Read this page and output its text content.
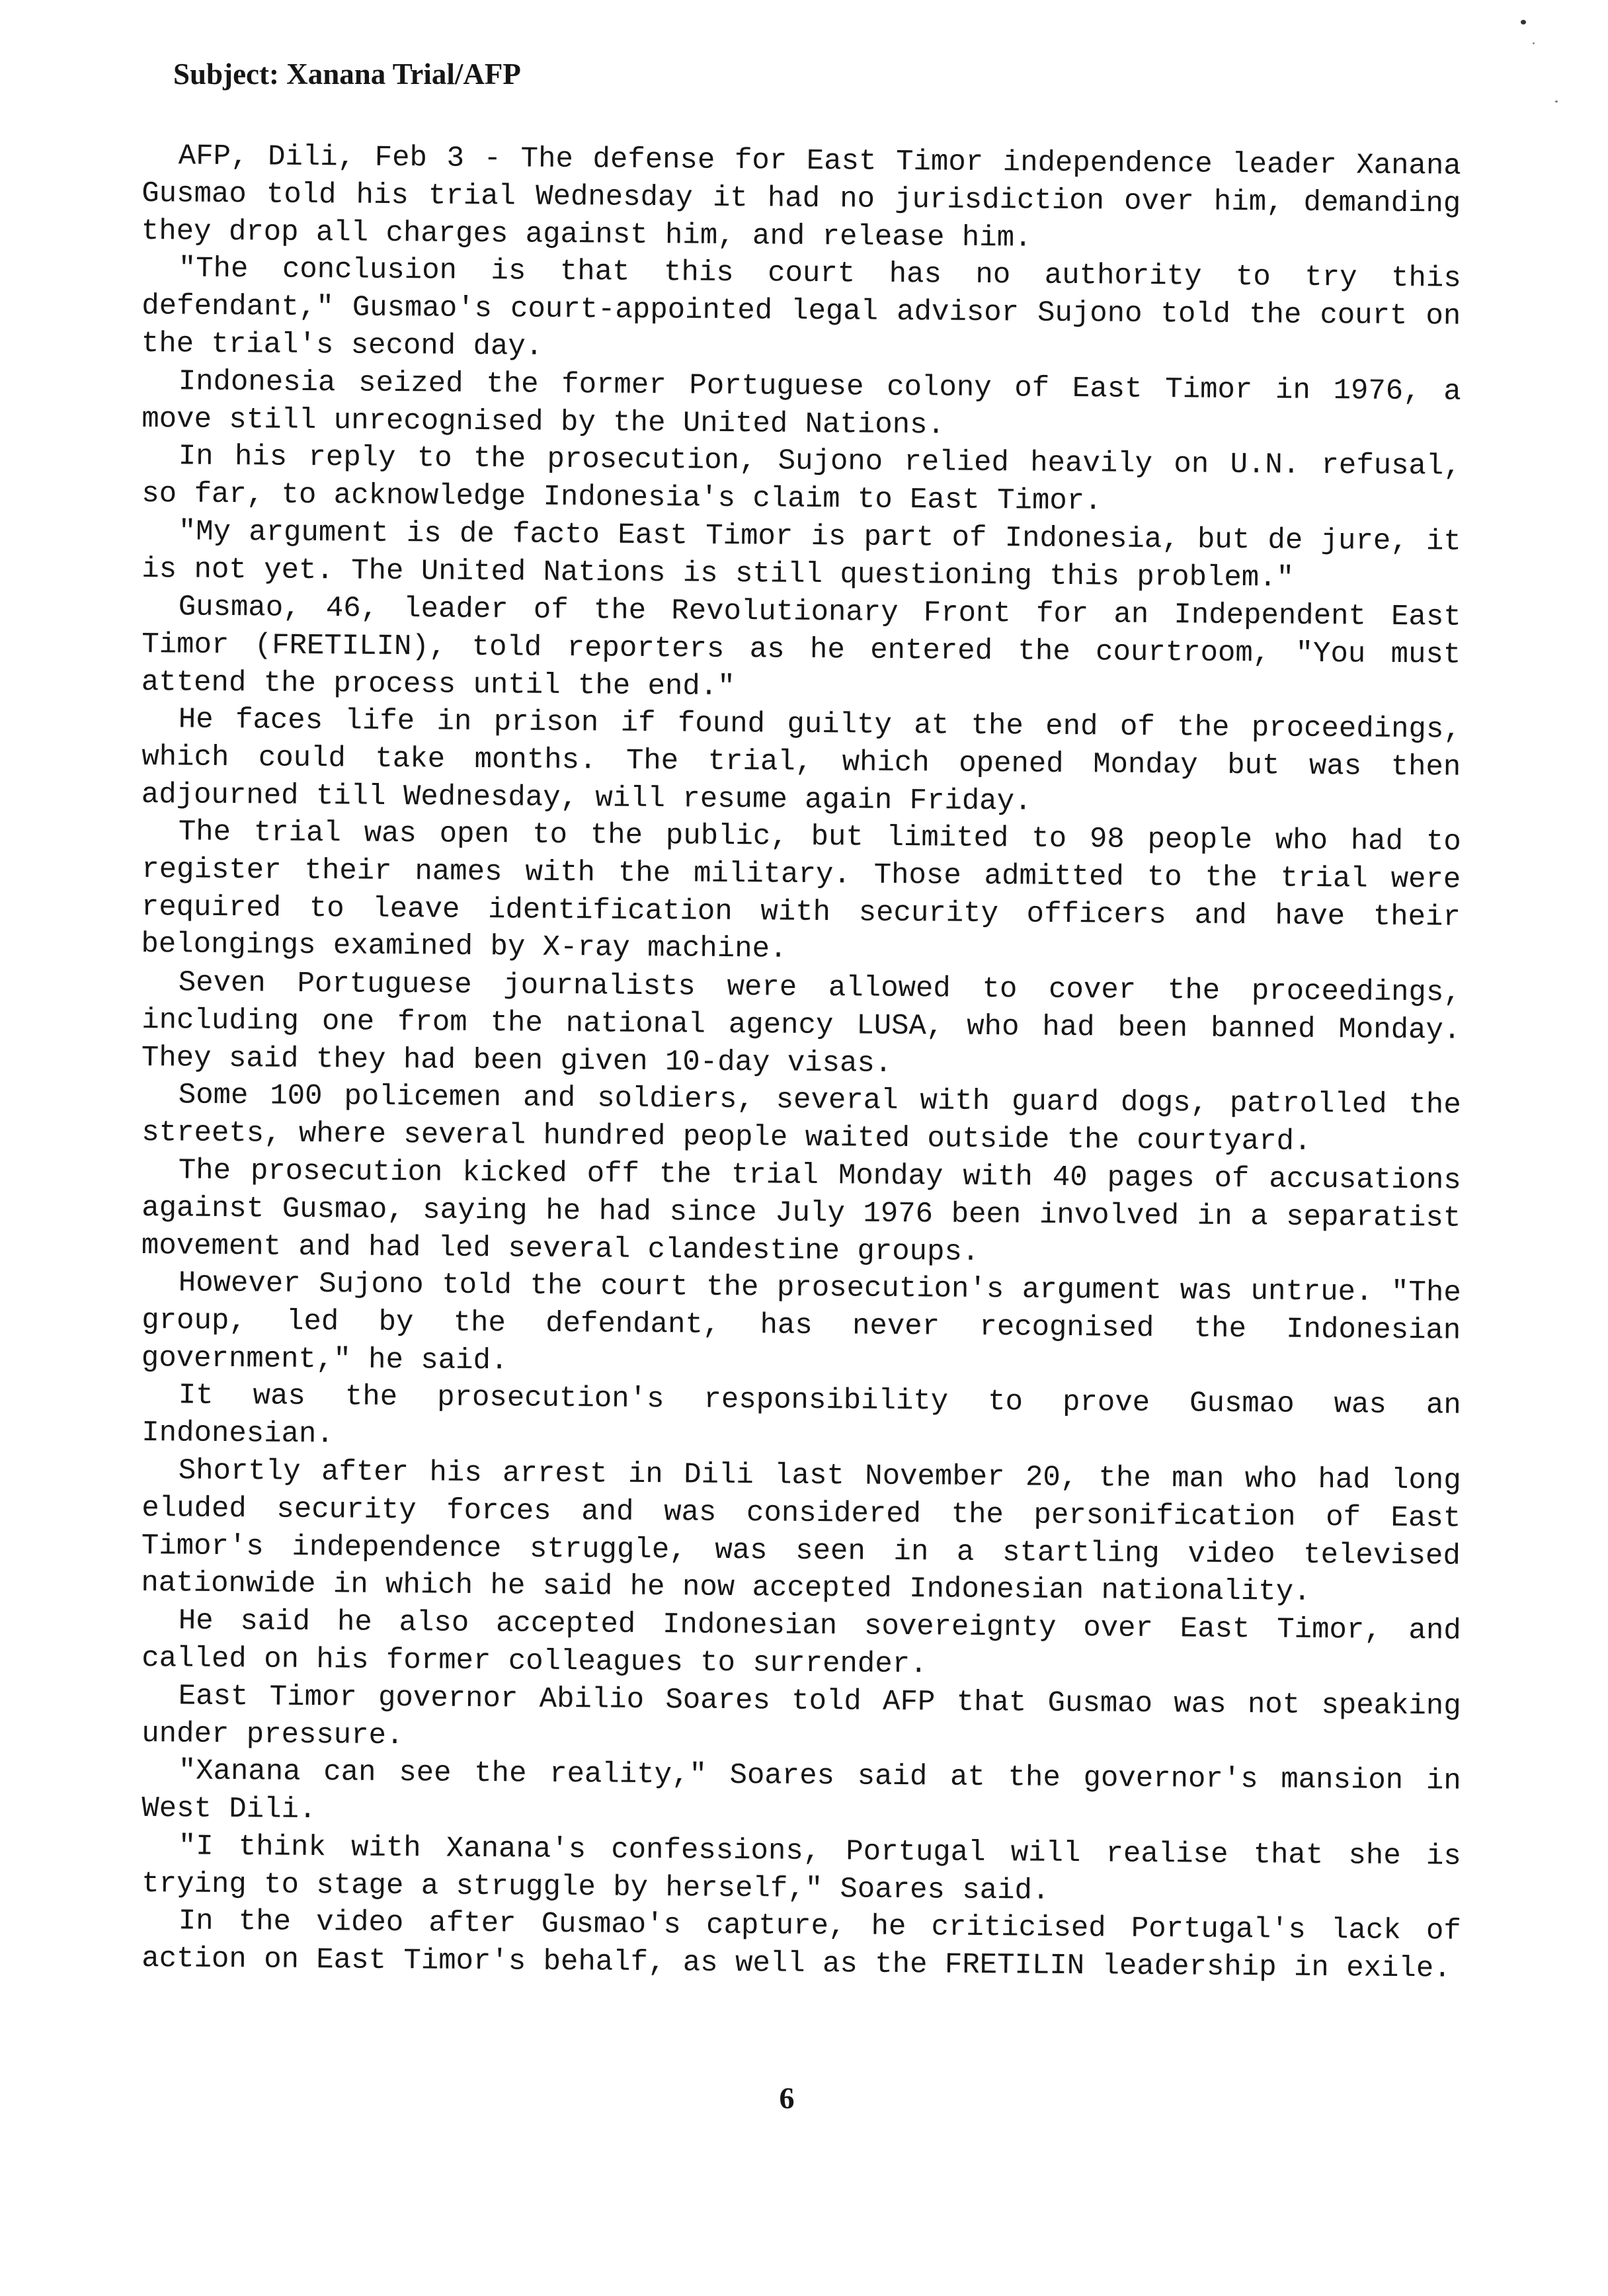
Subject: Xanana Trial/AFP

AFP, Dili, Feb 3 - The defense for East Timor independence leader Xanana Gusmao told his trial Wednesday it had no jurisdiction over him, demanding they drop all charges against him, and release him.

"The conclusion is that this court has no authority to try this defendant," Gusmao's court-appointed legal advisor Sujono told the court on the trial's second day.

Indonesia seized the former Portuguese colony of East Timor in 1976, a move still unrecognised by the United Nations.

In his reply to the prosecution, Sujono relied heavily on U.N. refusal, so far, to acknowledge Indonesia's claim to East Timor.

"My argument is de facto East Timor is part of Indonesia, but de jure, it is not yet. The United Nations is still questioning this problem."

Gusmao, 46, leader of the Revolutionary Front for an Independent East Timor (FRETILIN), told reporters as he entered the courtroom, "You must attend the process until the end."

He faces life in prison if found guilty at the end of the proceedings, which could take months. The trial, which opened Monday but was then adjourned till Wednesday, will resume again Friday.

The trial was open to the public, but limited to 98 people who had to register their names with the military. Those admitted to the trial were required to leave identification with security officers and have their belongings examined by X-ray machine.

Seven Portuguese journalists were allowed to cover the proceedings, including one from the national agency LUSA, who had been banned Monday. They said they had been given 10-day visas.

Some 100 policemen and soldiers, several with guard dogs, patrolled the streets, where several hundred people waited outside the courtyard.

The prosecution kicked off the trial Monday with 40 pages of accusations against Gusmao, saying he had since July 1976 been involved in a separatist movement and had led several clandestine groups.

However Sujono told the court the prosecution's argument was untrue. "The group, led by the defendant, has never recognised the Indonesian government," he said.

It was the prosecution's responsibility to prove Gusmao was an Indonesian.

Shortly after his arrest in Dili last November 20, the man who had long eluded security forces and was considered the personification of East Timor's independence struggle, was seen in a startling video televised nationwide in which he said he now accepted Indonesian nationality.

He said he also accepted Indonesian sovereignty over East Timor, and called on his former colleagues to surrender.

East Timor governor Abilio Soares told AFP that Gusmao was not speaking under pressure.

"Xanana can see the reality," Soares said at the governor's mansion in West Dili.

"I think with Xanana's confessions, Portugal will realise that she is trying to stage a struggle by herself," Soares said.

In the video after Gusmao's capture, he criticised Portugal's lack of action on East Timor's behalf, as well as the FRETILIN leadership in exile.

6
